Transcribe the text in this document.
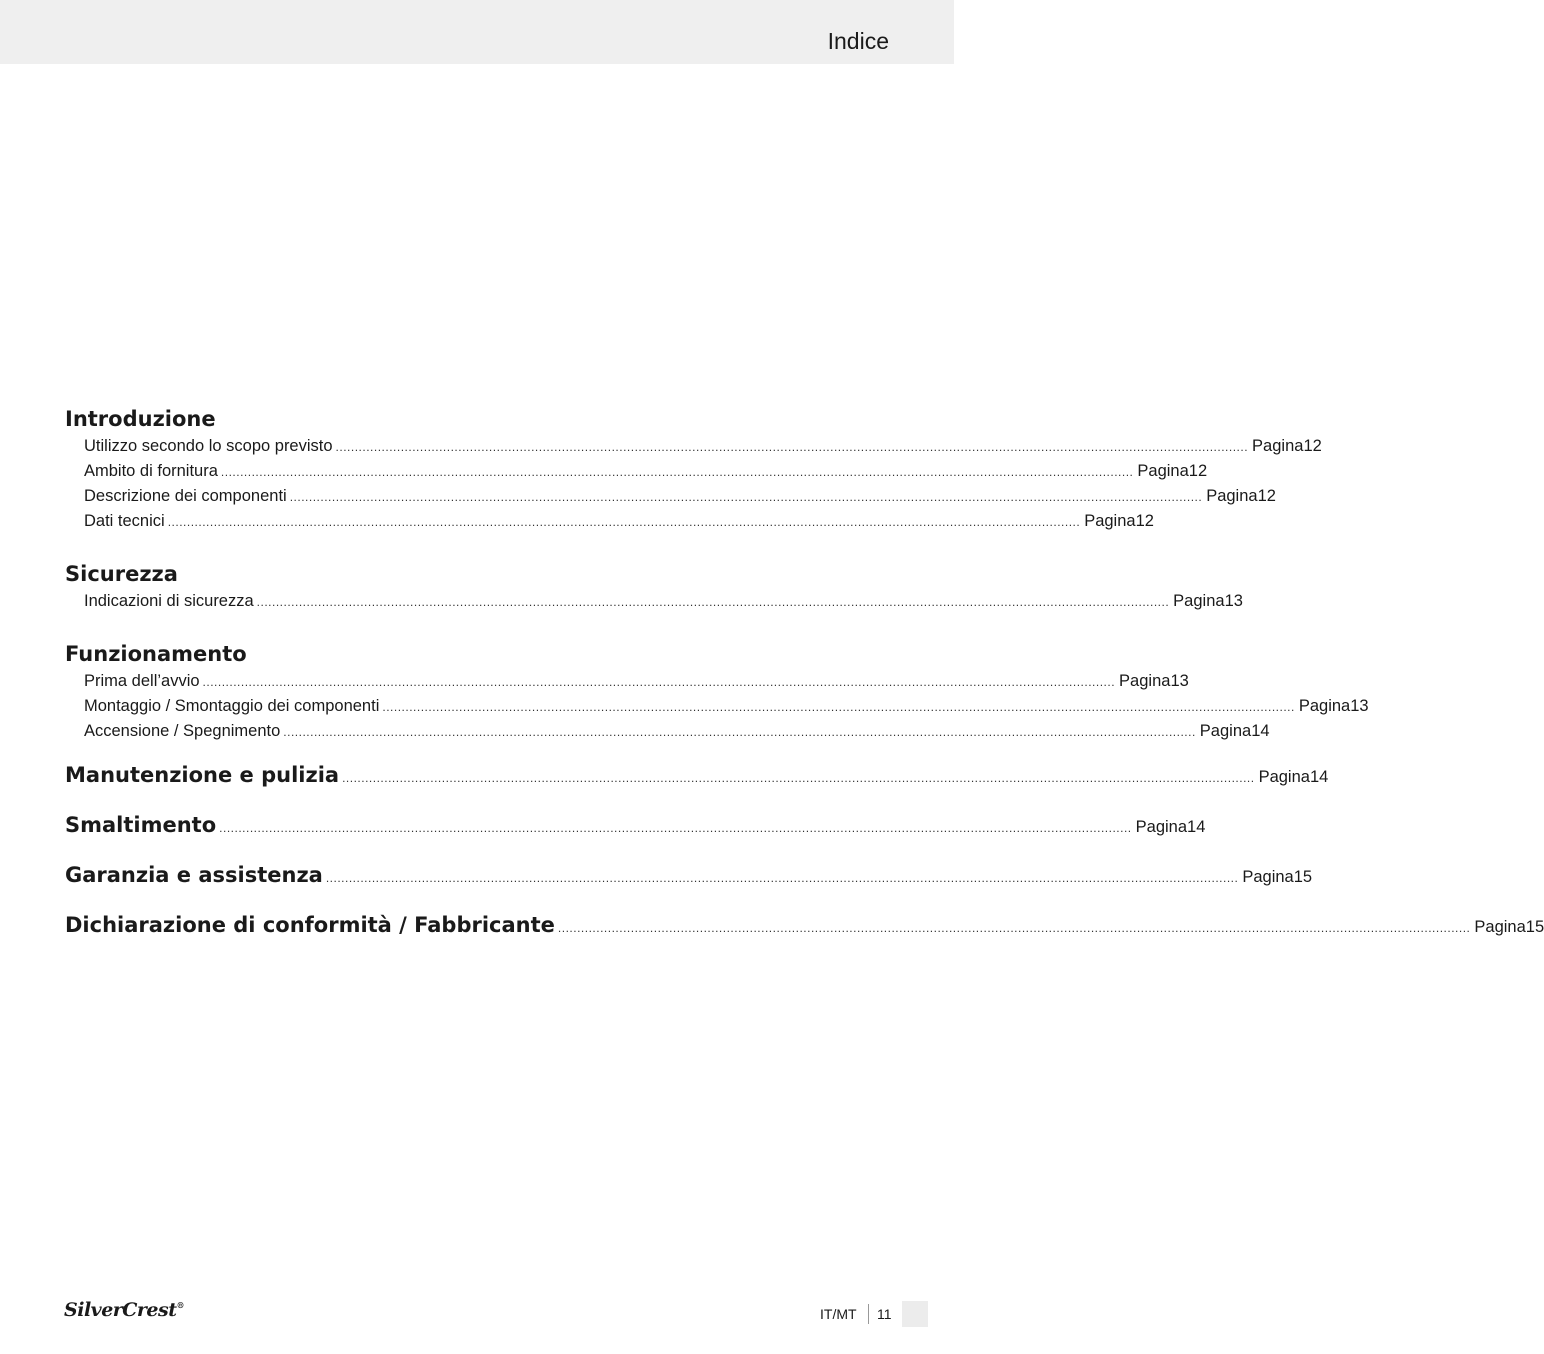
Indice
Introduzione
Utilizzo secondo lo scopo previsto .............................................................................................................................................................................................................................................. Pagina 12
Ambito di fornitura .............................................................................................................................................................................................................................................. Pagina 12
Descrizione dei componenti .............................................................................................................................................................................................................................................. Pagina 12
Dati tecnici .............................................................................................................................................................................................................................................. Pagina 12
Sicurezza
Indicazioni di sicurezza .............................................................................................................................................................................................................................................. Pagina 13
Funzionamento
Prima dell’avvio .............................................................................................................................................................................................................................................. Pagina 13
Montaggio / Smontaggio dei componenti .............................................................................................................................................................................................................................................. Pagina 13
Accensione / Spegnimento .............................................................................................................................................................................................................................................. Pagina 14
Manutenzione e pulizia .............................................................................................................................................................................................................................................. Pagina 14
Smaltimento .............................................................................................................................................................................................................................................. Pagina 14
Garanzia e assistenza .............................................................................................................................................................................................................................................. Pagina 15
Dichiarazione di conformità / Fabbricante .............................................................................................................................................................................................................................................. Pagina 15
SilverCrest®
IT/MT 11
